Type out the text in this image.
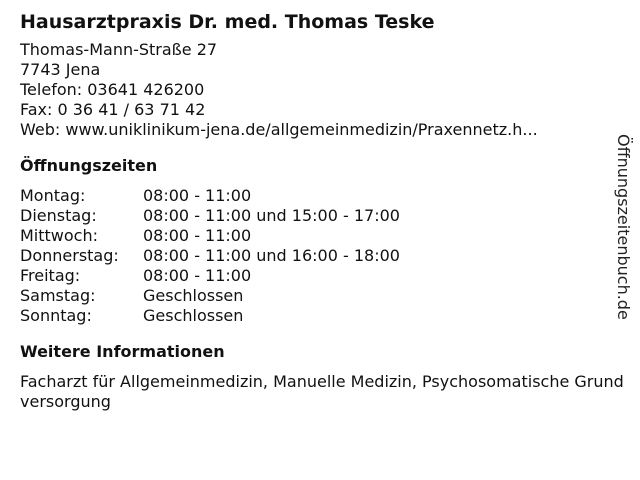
Hausarztpraxis Dr. med. Thomas Teske
Thomas-Mann-Straße 27
7743 Jena
Telefon: 03641 426200
Fax: 0 36 41 / 63 71 42
Web: www.uniklinikum-jena.de/allgemeinmedizin/Praxennetz.h...
Öffnungszeiten
Montag:	08:00 - 11:00
Dienstag:	08:00 - 11:00 und 15:00 - 17:00
Mittwoch:	08:00 - 11:00
Donnerstag:	08:00 - 11:00 und 16:00 - 18:00
Freitag:	08:00 - 11:00
Samstag:	Geschlossen
Sonntag:	Geschlossen
Weitere Informationen
Facharzt für Allgemeinmedizin, Manuelle Medizin, Psychosomatische Grundversorgung
Öffnungszeitenbuch.de
